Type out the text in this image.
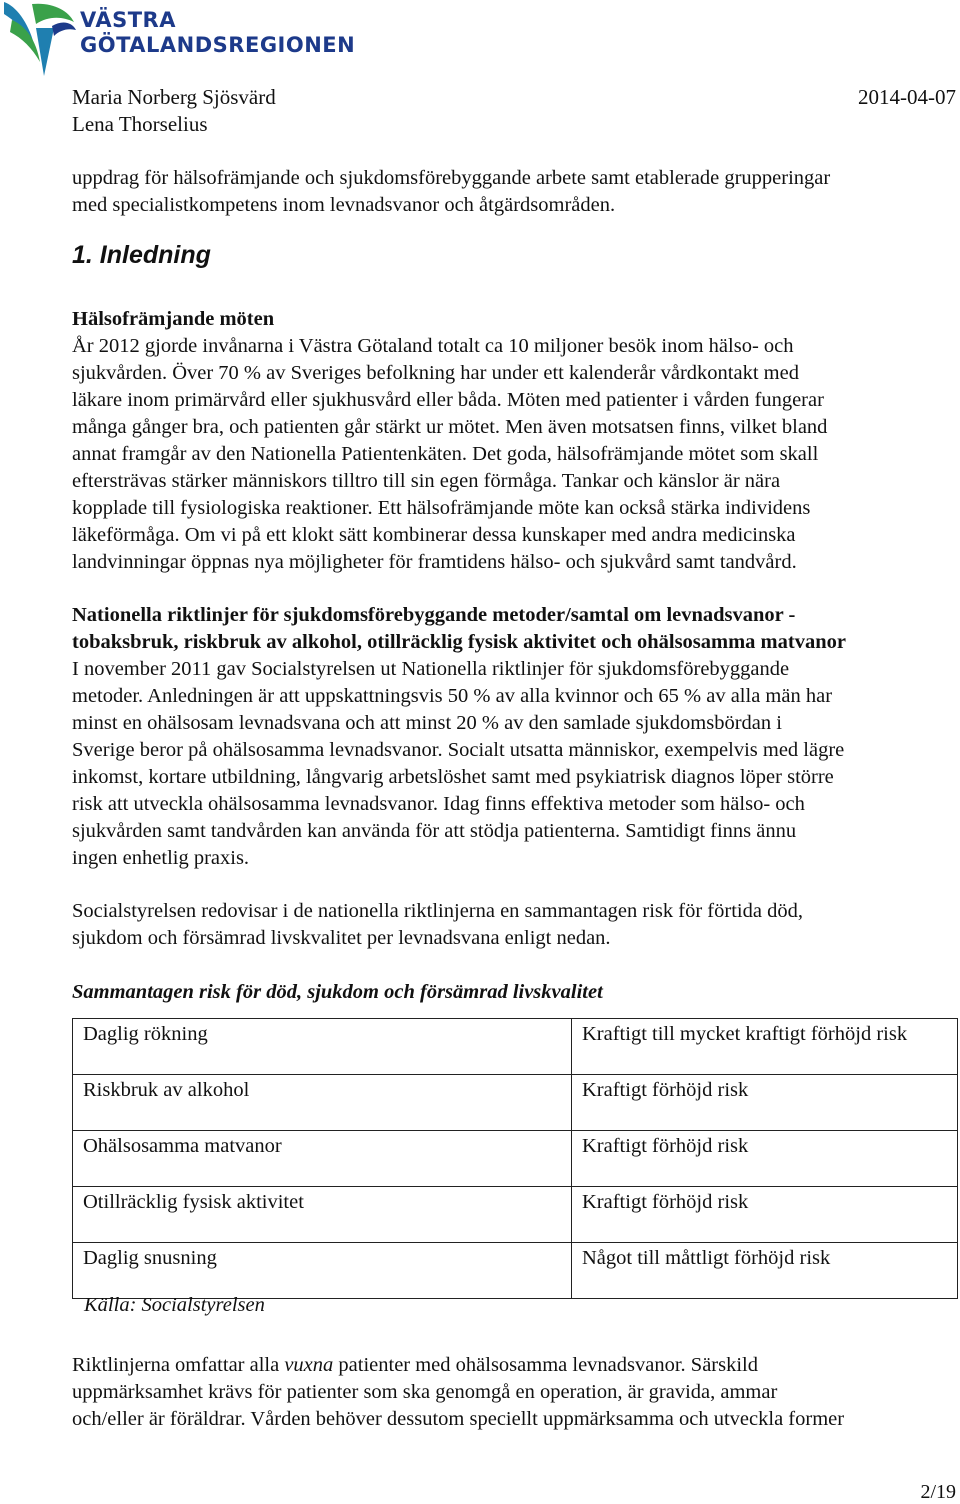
VÄSTRA
GÖTALANDSREGIONEN
Maria Norberg Sjösvärd
Lena Thorselius
2014-04-07
uppdrag för hälsofrämjande och sjukdomsförebyggande arbete samt etablerade grupperingar
med specialistkompetens inom levnadsvanor och åtgärdsområden.
1. Inledning
Hälsofrämjande möten
År 2012 gjorde invånarna i Västra Götaland totalt ca 10 miljoner besök inom hälso- och
sjukvården. Över 70 % av Sveriges befolkning har under ett kalenderår vårdkontakt med
läkare inom primärvård eller sjukhusvård eller båda. Möten med patienter i vården fungerar
många gånger bra, och patienten går stärkt ur mötet. Men även motsatsen finns, vilket bland
annat framgår av den Nationella Patientenkäten. Det goda, hälsofrämjande mötet som skall
eftersträvas stärker människors tilltro till sin egen förmåga. Tankar och känslor är nära
kopplade till fysiologiska reaktioner. Ett hälsofrämjande möte kan också stärka individens
läkeförmåga. Om vi på ett klokt sätt kombinerar dessa kunskaper med andra medicinska
landvinningar öppnas nya möjligheter för framtidens hälso- och sjukvård samt tandvård.
Nationella riktlinjer för sjukdomsförebyggande metoder/samtal om levnadsvanor -
tobaksbruk, riskbruk av alkohol, otillräcklig fysisk aktivitet och ohälsosamma matvanor
I november 2011 gav Socialstyrelsen ut Nationella riktlinjer för sjukdomsförebyggande
metoder. Anledningen är att uppskattningsvis 50 % av alla kvinnor och 65 % av alla män har
minst en ohälsosam levnadsvana och att minst 20 % av den samlade sjukdomsbördan i
Sverige beror på ohälsosamma levnadsvanor. Socialt utsatta människor, exempelvis med lägre
inkomst, kortare utbildning, långvarig arbetslöshet samt med psykiatrisk diagnos löper större
risk att utveckla ohälsosamma levnadsvanor. Idag finns effektiva metoder som hälso- och
sjukvården samt tandvården kan använda för att stödja patienterna. Samtidigt finns ännu
ingen enhetlig praxis.
Socialstyrelsen redovisar i de nationella riktlinjerna en sammantagen risk för förtida död,
sjukdom och försämrad livskvalitet per levnadsvana enligt nedan.
Sammantagen risk för död, sjukdom och försämrad livskvalitet
Daglig rökning	Kraftigt till mycket kraftigt förhöjd risk
Riskbruk av alkohol	Kraftigt förhöjd risk
Ohälsosamma matvanor	Kraftigt förhöjd risk
Otillräcklig fysisk aktivitet	Kraftigt förhöjd risk
Daglig snusning	Något till måttligt förhöjd risk
Källa: Socialstyrelsen
Riktlinjerna omfattar alla vuxna patienter med ohälsosamma levnadsvanor. Särskild
uppmärksamhet krävs för patienter som ska genomgå en operation, är gravida, ammar
och/eller är föräldrar. Vården behöver dessutom speciellt uppmärksamma och utveckla former
2/19
